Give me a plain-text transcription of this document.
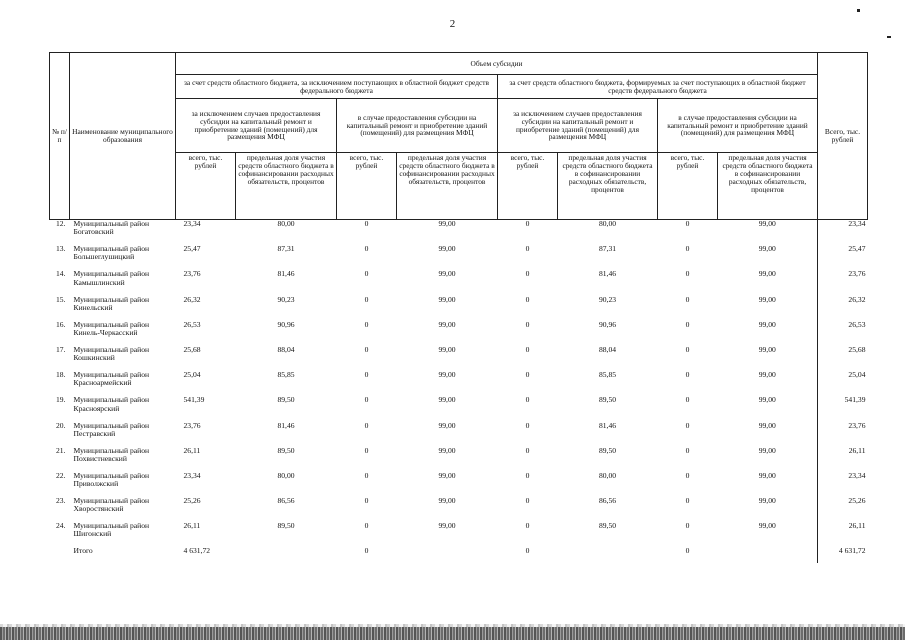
2
№ п/п	Наименование муниципального образования	Объем субсидии								Всего, тыс. рублей
		за счет средств областного бюджета, за исключением поступающих в областной бюджет средств федерального бюджета				за счет средств областного бюджета, формируемых за счет поступающих в областной бюджет средств федерального бюджета				
		за исключением случаев предоставления субсидии на капитальный ремонт и приобретение зданий (помещений) для размещения МФЦ		в случае предоставления субсидии на капитальный ремонт и приобретение зданий (помещений) для размещения МФЦ		за исключением случаев предоставления субсидии на капитальный ремонт и приобретение зданий (помещений) для размещения МФЦ		в случае предоставления субсидии на капитальный ремонт и приобретение зданий (помещений) для размещения МФЦ		
		всего, тыс. рублей	предельная доля участия средств областного бюджета в софинансировании расходных обязательств, процентов	всего, тыс. рублей	предельная доля участия средств областного бюджета в софинансировании расходных обязательств, процентов	всего, тыс. рублей	предельная доля участия средств областного бюджета в софинансировании расходных обязательств, процентов	всего, тыс. рублей	предельная доля участия средств областного бюджета в софинансировании расходных обязательств, процентов	
12.	Муниципальный район Богатовский	23,34	80,00	0	99,00	0	80,00	0	99,00	23,34
13.	Муниципальный район Большеглушицкий	25,47	87,31	0	99,00	0	87,31	0	99,00	25,47
14.	Муниципальный район Камышлинский	23,76	81,46	0	99,00	0	81,46	0	99,00	23,76
15.	Муниципальный район Кинельский	26,32	90,23	0	99,00	0	90,23	0	99,00	26,32
16.	Муниципальный район Кинель-Черкасский	26,53	90,96	0	99,00	0	90,96	0	99,00	26,53
17.	Муниципальный район Кошкинский	25,68	88,04	0	99,00	0	88,04	0	99,00	25,68
18.	Муниципальный район Красноармейский	25,04	85,85	0	99,00	0	85,85	0	99,00	25,04
19.	Муниципальный район Красноярский	541,39	89,50	0	99,00	0	89,50	0	99,00	541,39
20.	Муниципальный район Пестравский	23,76	81,46	0	99,00	0	81,46	0	99,00	23,76
21.	Муниципальный район Похвистневский	26,11	89,50	0	99,00	0	89,50	0	99,00	26,11
22.	Муниципальный район Приволжский	23,34	80,00	0	99,00	0	80,00	0	99,00	23,34
23.	Муниципальный район Хворостянский	25,26	86,56	0	99,00	0	86,56	0	99,00	25,26
24.	Муниципальный район Шигонский	26,11	89,50	0	99,00	0	89,50	0	99,00	26,11
	Итого	4 631,72		0		0		0		4 631,72
